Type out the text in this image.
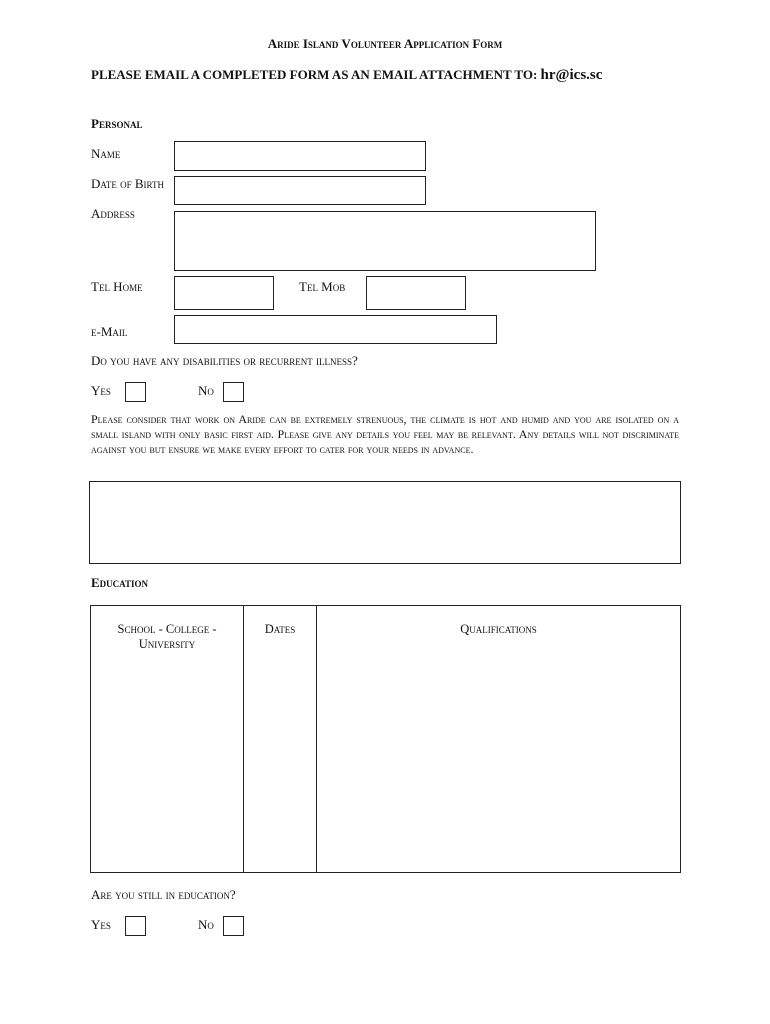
Aride Island Volunteer Application Form
PLEASE EMAIL A COMPLETED FORM AS AN EMAIL ATTACHMENT TO: hr@ics.sc
Personal
Name
Date of Birth
Address
Tel Home	Tel Mob
e-Mail
Do you have any disabilities or recurrent illness?
Yes	No
Please consider that work on Aride can be extremely strenuous, the climate is hot and humid and you are isolated on a small island with only basic first aid. Please give any details you feel may be relevant. Any details will not discriminate against you but ensure we make every effort to cater for your needs in advance.
Education
School - College - University	Dates	Qualifications
Are you still in education?
Yes	No
